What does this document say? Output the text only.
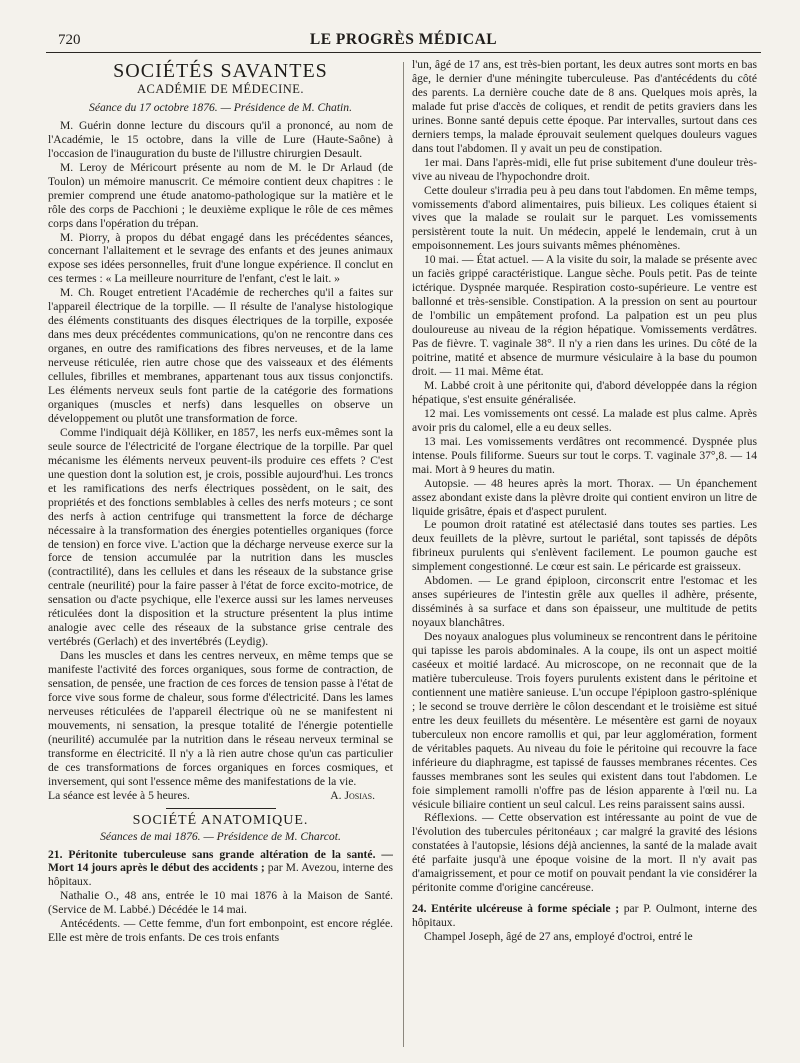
720	LE PROGRÈS MÉDICAL
SOCIÉTÉS SAVANTES
ACADÉMIE DE MÉDECINE.
Séance du 17 octobre 1876. — Présidence de M. Chatin.

M. Guérin donne lecture du discours qu'il a prononcé, au nom de l'Académie, le 15 octobre, dans la ville de Lure (Haute-Saône) à l'occasion de l'inauguration du buste de l'illustre chirurgien Desault.

M. Leroy de Méricourt présente au nom de M. le Dr Arlaud (de Toulon) un mémoire manuscrit. Ce mémoire contient deux chapitres : le premier comprend une étude anatomo-pathologique sur la matière et le rôle des corps de Pacchioni ; le deuxième explique le rôle de ces mêmes corps dans l'opération du trépan.

M. Piorry, à propos du débat engagé dans les précédentes séances, concernant l'allaitement et le sevrage des enfants et des jeunes animaux expose ses idées personnelles, fruit d'une longue expérience. Il conclut en ces termes : « La meilleure nourriture de l'enfant, c'est le lait. »

M. Ch. Rouget entretient l'Académie de recherches qu'il a faites sur l'appareil électrique de la torpille. — Il résulte de l'analyse histologique des éléments constituants des disques électriques de la torpille, exposée dans mes deux précédentes communications, qu'on ne rencontre dans ces organes, en outre des ramifications des fibres nerveuses, et de la lame nerveuse réticulée, rien autre chose que des vaisseaux et des éléments cellules, fibrilles et membranes, appartenant tous aux tissus conjonctifs. Les éléments nerveux seuls font partie de la catégorie des formations organiques (muscles et nerfs) dans lesquelles on observe un développement ou plutôt une transformation de force.

Comme l'indiquait déjà Kölliker, en 1857, les nerfs eux-mêmes sont la seule source de l'électricité de l'organe électrique de la torpille. Par quel mécanisme les éléments nerveux peuvent-ils produire ces effets ? C'est une question dont la solution est, je crois, possible aujourd'hui. Les troncs et les ramifications des nerfs électriques possèdent, on le sait, des propriétés et des fonctions semblables à celles des nerfs moteurs ; ce sont des nerfs à action centrifuge qui transmettent la force de décharge nécessaire à la transformation des énergies potentielles organiques (force de tension) en force vive. L'action que la décharge nerveuse exerce sur la force de tension accumulée par la nutrition dans les muscles (contractilité), dans les cellules et dans les réseaux de la substance grise centrale (neurilité) pour la faire passer à l'état de force excito-motrice, de sensation ou d'acte psychique, elle l'exerce aussi sur les lames nerveuses réticulées dont la disposition et la structure présentent la plus intime analogie avec celle des réseaux de la substance grise centrale des vertébrés (Gerlach) et des invertébrés (Leydig).

Dans les muscles et dans les centres nerveux, en même temps que se manifeste l'activité des forces organiques, sous forme de contraction, de sensation, de pensée, une fraction de ces forces de tension passe à l'état de force vive sous forme de chaleur, sous forme d'électricité. Dans les lames nerveuses réticulées de l'appareil électrique où ne se manifestent ni mouvements, ni sensation, la presque totalité de l'énergie potentielle (neurilité) accumulée par la nutrition dans le réseau nerveux terminal se transforme en électricité. Il n'y a là rien autre chose qu'un cas particulier de ces transformations de forces organiques en forces cosmiques, et inversement, qui sont l'essence même des manifestations de la vie.

La séance est levée à 5 heures.	A. Josias.

SOCIÉTÉ ANATOMIQUE.
Séances de mai 1876. — Présidence de M. Charcot.

21. Péritonite tuberculeuse sans grande altération de la santé. — Mort 14 jours après le début des accidents ; par M. Avezou, interne des hôpitaux.

Nathalie O., 48 ans, entrée le 10 mai 1876 à la Maison de Santé. (Service de M. Labbé.) Décédée le 14 mai.

Antécédents. — Cette femme, d'un fort embonpoint, est encore réglée. Elle est mère de trois enfants. De ces trois enfants

l'un, âgé de 17 ans, est très-bien portant, les deux autres sont morts en bas âge, le dernier d'une méningite tuberculeuse. Pas d'antécédents du côté des parents. La dernière couche date de 8 ans. Quelques mois après, la malade fut prise d'accès de coliques, et rendit de petits graviers dans les urines. Bonne santé depuis cette époque. Par intervalles, surtout dans ces derniers temps, la malade éprouvait seulement quelques douleurs vagues dans tout l'abdomen. Il y avait un peu de constipation.

1er mai. Dans l'après-midi, elle fut prise subitement d'une douleur très-vive au niveau de l'hypochondre droit.

Cette douleur s'irradia peu à peu dans tout l'abdomen. En même temps, vomissements d'abord alimentaires, puis bilieux. Les coliques étaient si vives que la malade se roulait sur le parquet. Les vomissements persistèrent toute la nuit. Un médecin, appelé le lendemain, crut à un empoisonnement. Les jours suivants mêmes phénomènes.

10 mai. — État actuel. — A la visite du soir, la malade se présente avec un faciès grippé caractéristique. Langue sèche. Pouls petit. Pas de teinte ictérique. Dyspnée marquée. Respiration costo-supérieure. Le ventre est ballonné et très-sensible. Constipation. A la pression on sent au pourtour de l'ombilic un empâtement profond. La palpation est un peu plus douloureuse au niveau de la région hépatique. Vomissements verdâtres. Pas de fièvre. T. vaginale 38°. Il n'y a rien dans les urines. Du côté de la poitrine, matité et absence de murmure vésiculaire à la base du poumon droit. — 11 mai. Même état.

M. Labbé croit à une péritonite qui, d'abord développée dans la région hépatique, s'est ensuite généralisée.

12 mai. Les vomissements ont cessé. La malade est plus calme. Après avoir pris du calomel, elle a eu deux selles.

13 mai. Les vomissements verdâtres ont recommencé. Dyspnée plus intense. Pouls filiforme. Sueurs sur tout le corps. T. vaginale 37°,8. — 14 mai. Mort à 9 heures du matin.

Autopsie. — 48 heures après la mort. Thorax. — Un épanchement assez abondant existe dans la plèvre droite qui contient environ un litre de liquide grisâtre, épais et d'aspect purulent.

Le poumon droit ratatiné est atélectasié dans toutes ses parties. Les deux feuillets de la plèvre, surtout le pariétal, sont tapissés de dépôts fibrineux purulents qui s'enlèvent facilement. Le poumon gauche est simplement congestionné. Le cœur est sain. Le péricarde est graisseux.

Abdomen. — Le grand épiploon, circonscrit entre l'estomac et les anses supérieures de l'intestin grêle aux quelles il adhère, présente, disséminés à sa surface et dans son épaisseur, une multitude de petits noyaux blanchâtres.

Des noyaux analogues plus volumineux se rencontrent dans le péritoine qui tapisse les parois abdominales. A la coupe, ils ont un aspect moitié caséeux et moitié lardacé. Au microscope, on ne reconnait que de la matière tuberculeuse. Trois foyers purulents existent dans le péritoine et contiennent une matière sanieuse. L'un occupe l'épiploon gastro-splénique ; le second se trouve derrière le côlon descendant et le troisième est situé entre les deux feuillets du mésentère. Le mésentère est garni de noyaux tuberculeux non encore ramollis et qui, par leur agglomération, forment de véritables paquets. Au niveau du foie le péritoine qui recouvre la face inférieure du diaphragme, est tapissé de fausses membranes récentes. Ces fausses membranes sont les seules qui existent dans tout l'abdomen. Le foie simplement ramolli n'offre pas de lésion apparente à l'œil nu. La vésicule biliaire contient un seul calcul. Les reins paraissent sains aussi.

Réflexions. — Cette observation est intéressante au point de vue de l'évolution des tubercules péritonéaux ; car malgré la gravité des lésions constatées à l'autopsie, lésions déjà anciennes, la santé de la malade avait été parfaite jusqu'à une époque voisine de la mort. Il n'y avait pas d'amaigrissement, et pour ce motif on pouvait pendant la vie considérer la péritonite comme d'origine cancéreuse.

24. Entérite ulcéreuse à forme spéciale ; par P. Oulmont, interne des hôpitaux.

Champel Joseph, âgé de 27 ans, employé d'octroi, entré le
